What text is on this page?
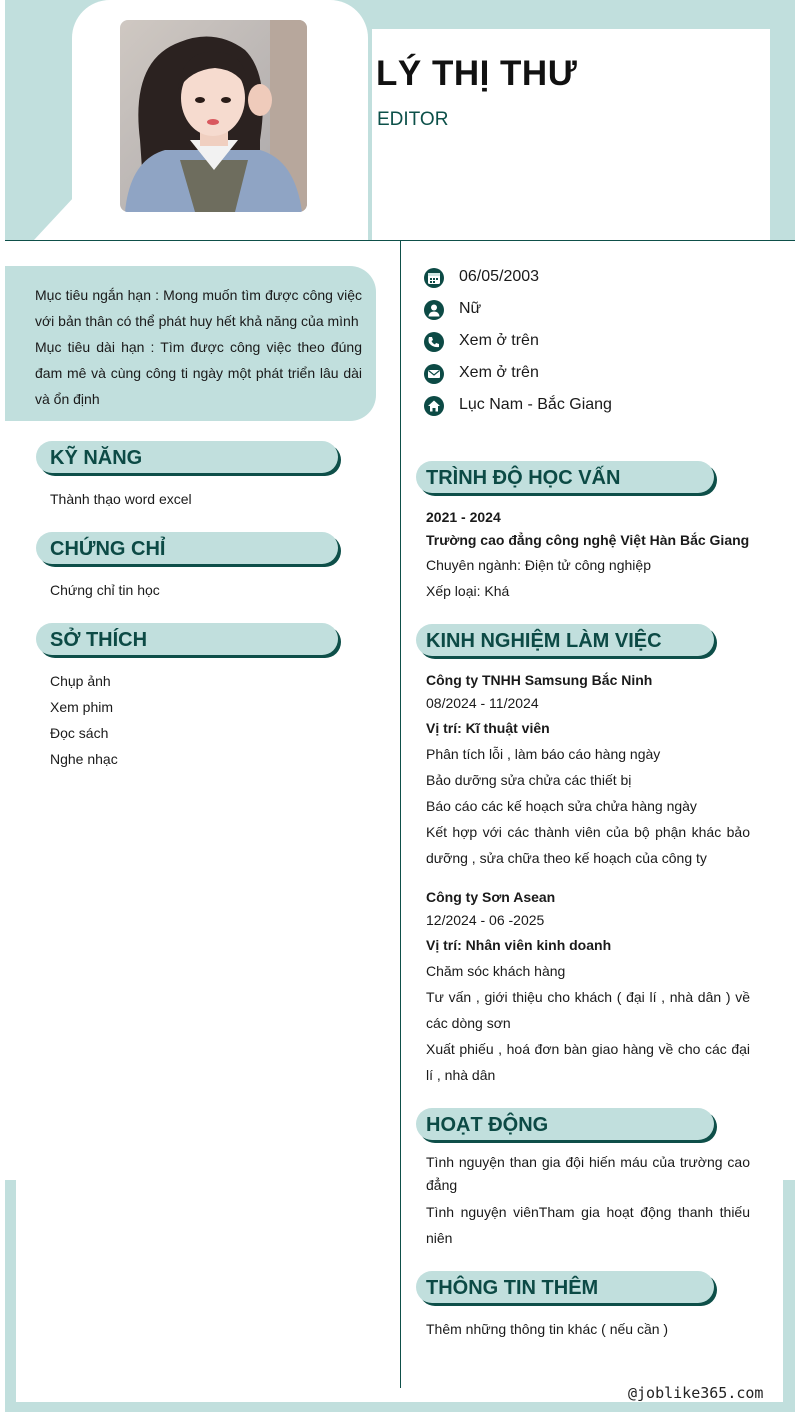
LÝ THỊ THƯ
EDITOR
Mục tiêu ngắn hạn : Mong muốn tìm được công việc với bản thân có thể phát huy hết khả năng của mình
Mục tiêu dài hạn : Tìm được công việc theo đúng đam mê và cùng công ti ngày một phát triển lâu dài và ổn định
KỸ NĂNG
Thành thạo word excel
CHỨNG CHỈ
Chứng chỉ tin học
SỞ THÍCH
Chụp ảnh
Xem phim
Đọc sách
Nghe nhạc
06/05/2003
Nữ
Xem ở trên
Xem ở trên
Lục Nam - Bắc Giang
TRÌNH ĐỘ HỌC VẤN
2021 - 2024
Trường cao đẳng công nghệ Việt Hàn Bắc Giang
Chuyên ngành: Điện tử công nghiệp
Xếp loại: Khá
KINH NGHIỆM LÀM VIỆC
Công ty TNHH Samsung Bắc Ninh
08/2024 - 11/2024
Vị trí: Kĩ thuật viên
Phân tích lỗi , làm báo cáo hàng ngày
Bảo dưỡng sửa chửa các thiết bị
Báo cáo các kế hoạch sửa chửa hàng ngày
Kết hợp với các thành viên của bộ phận khác bảo dưỡng , sửa chữa theo kế hoạch của công ty
Công ty Sơn Asean
12/2024 - 06 -2025
Vị trí: Nhân viên kinh doanh
Chăm sóc khách hàng
Tư vấn , giới thiệu cho khách ( đại lí , nhà dân ) về các dòng sơn
Xuất phiếu , hoá đơn bàn giao hàng về cho các đại lí , nhà dân
HOẠT ĐỘNG
Tình nguyện than gia đội hiến máu của trường cao đẳng
Tình nguyện viênTham gia hoạt động thanh thiếu niên
THÔNG TIN THÊM
Thêm những thông tin khác ( nếu cần )
@joblike365.com
